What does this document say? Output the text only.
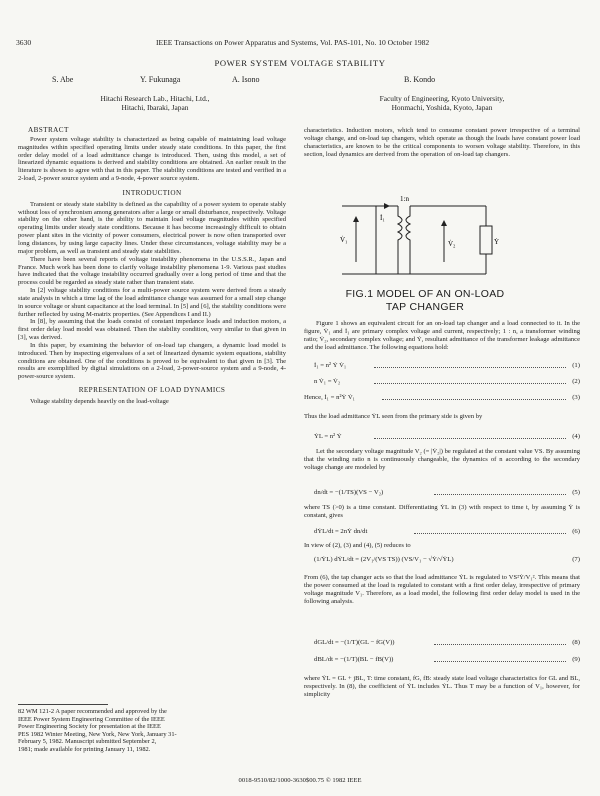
3630	IEEE Transactions on Power Apparatus and Systems, Vol. PAS-101, No. 10 October 1982
POWER SYSTEM VOLTAGE STABILITY
S. Abe	Y. Fukunaga	A. Isono	B. Kondo
Hitachi Research Lab., Hitachi, Ltd.,
Hitachi, Ibaraki, Japan
Faculty of Engineering, Kyoto University,
Honmachi, Yoshida, Kyoto, Japan
ABSTRACT

Power system voltage stability is characterized as being capable of maintaining load voltage magnitudes within specified operating limits under steady state conditions. In this paper, the first order delay model of a load admittance change is introduced. Then, using this model, a set of linearized dynamic equations is derived and stability conditions are obtained. An earlier result in the literature is shown to agree with that in this paper. The stability conditions are tested and verified in a 2-load, 2-power source system and a 9-node, 4-power source system.

INTRODUCTION

Transient or steady state stability is defined as the capability of a power system to operate stably without loss of synchronism among generators after a large or small disturbance, respectively. Voltage stability on the other hand, is the ability to maintain load voltage magnitudes within specified operating limits under steady state conditions. Because it has become increasingly difficult to obtain power plant sites in the vicinity of power consumers, electrical power is now often transported over long distances, by using large capacity lines. Under these circumstances, voltage stability may be a major problem, as well as transient and steady state stabilities.

There have been several reports of voltage instability phenomena in the U.S.S.R., Japan and France. Much work has been done to clarify voltage instability phenomena 1-9. Various past studies have indicated that the voltage instability occurred gradually over a long period of time and that the process could be regarded as steady state rather than transient state.

In [2] voltage stability conditions for a multi-power source system were derived from a steady state analysis in which a time lag of the load admittance change was assumed for a small step change in source voltage or shunt capacitance at the load terminal. In [5] and [6], the stability conditions were further reflected by using M-matrix properties. (See Appendices I and II.)

In [8], by assuming that the loads consist of constant impedance loads and induction motors, a first order delay load model was obtained. Then the stability condition, very similar to that given in [3], was derived.

In this paper, by examining the behavior of on-load tap changers, a dynamic load model is introduced. Then by inspecting eigenvalues of a set of linearized dynamic system equations, stability conditions are obtained. One of the conditions is proved to be equivalent to that given in [3]. The results are exemplified by digital simulations on a 2-load, 2-power-source system and a 9-node, 4-power-source system.

REPRESENTATION OF LOAD DYNAMICS

Voltage stability depends heavily on the load-voltage

82 WM 121-2 A paper recommended and approved by the
IEEE Power System Engineering Committee of the IEEE
Power Engineering Society for presentation at the IEEE
PES 1982 Winter Meeting, New York, New York, January 31-
February 5, 1982. Manuscript submitted September 2,
1981; made available for printing January 11, 1982.

characteristics. Induction motors, which tend to consume constant power irrespective of a terminal voltage change, and on-load tap changers, which operate as though the loads have constant power load characteristics, are known to be the critical components to worsen voltage stability. Therefore, in this section, load dynamics are derived from the operation of on-load tap changers.

1:n
V̇₁
İ₁
V̇₂	Ẏ
FIG.1 MODEL OF AN ON-LOAD
TAP CHANGER

Figure 1 shows an equivalent circuit for an on-load tap changer and a load connected to it. In the figure, V̇₁ and İ₁ are primary complex voltage and current, respectively; 1 : n, a transformer winding ratio; V̇₂, secondary complex voltage; and Ẏ, resultant admittance of the transformer leakage admittance and the load admittance. The following equations hold:

İ₁ = n² Ẏ V̇₁	(1)
n V̇₁ = V̇₂	(2)
Hence, İ₁ = n²Ẏ V̇₁	(3)

Thus the load admittance ẎL seen from the primary side is given by

ẎL = n² Ẏ	(4)

Let the secondary voltage magnitude V₂ (= |V̇₂|) be regulated at the constant value VS. By assuming that the winding ratio n is continuously changeable, the dynamics of n according to the secondary voltage change are modeled by

dn/dt = −(1/TS)(VS − V₂)	(5)

where TS (>0) is a time constant. Differentiating ẎL in (3) with respect to time t, by assuming Ẏ is constant, gives

dẎL/dt = 2nẎ dn/dt	(6)

In view of (2), (3) and (4), (5) reduces to

(1/ẎL) dẎL/dt = (2V₁/(VS TS)) (VS/V₁ − √Ẏ/√ẎL)	(7)

From (6), the tap changer acts so that the load admittance ẎL is regulated to VS²Ẏ/V₁². This means that the power consumed at the load is regulated to constant with a first order delay, irrespective of primary voltage magnitude V₁. Therefore, as a load model, the following first order delay model is used in the following analysis.

dGL/dt = −(1/T)(GL − fG(V))	(8)
dBL/dt = −(1/T)(BL − fB(V))	(9)

where ẎL = GL + jBL, T: time constant, fG, fB: steady state load voltage characteristics for GL and BL, respectively. In (8), the coefficient of ẎL includes ẎL. Thus T may be a function of V₁, however, for simplicity

0018-9510/82/1000-3630$00.75 © 1982 IEEE
